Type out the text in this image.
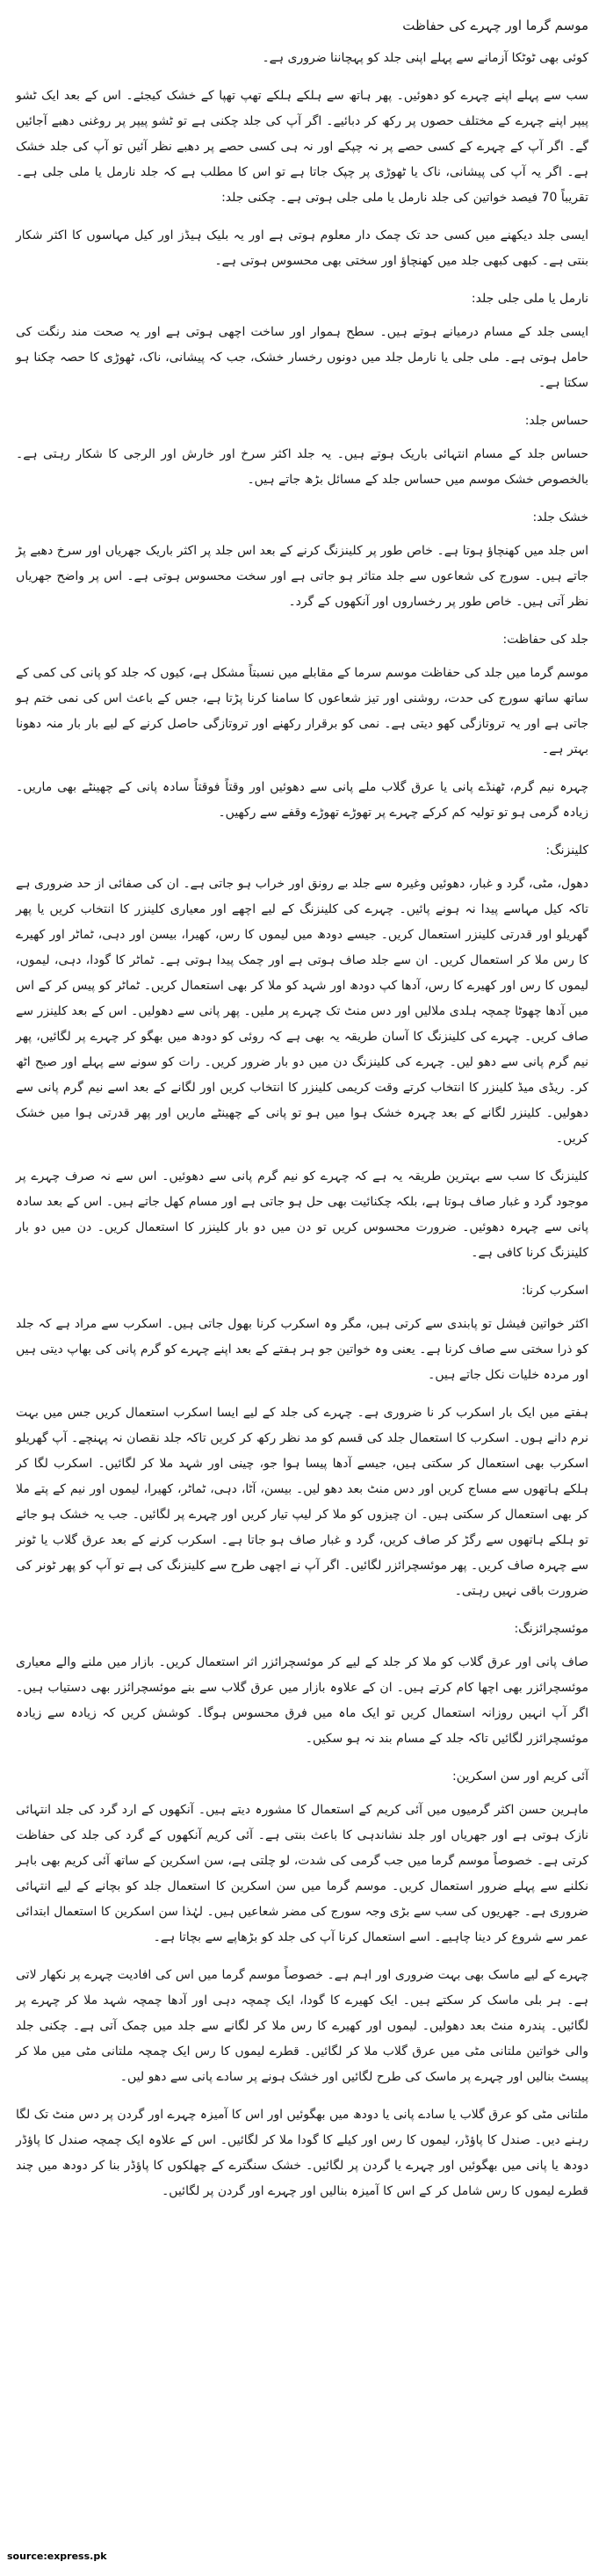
موسم گرما اور چہرے کی حفاظت
کوئی بھی ٹوٹکا آزمانے سے پہلے اپنی جلد کو پہچاننا ضروری ہے۔
سب سے پہلے اپنے چہرے کو دھوئیں۔ پھر ہاتھ سے ہلکے ہلکے تھپ تھپا کے خشک کیجئے۔ اس کے بعد ایک ٹشو پیپر اپنے چہرے کے مختلف حصوں پر رکھ کر دبائیے۔ اگر آپ کی جلد چکنی ہے تو ٹشو پیپر پر روغنی دھبے آجائیں گے۔ اگر آپ کے چہرے کے کسی حصے پر نہ چپکے اور نہ ہی کسی حصے پر دھبے نظر آئیں تو آپ کی جلد خشک ہے۔ اگر یہ آپ کی پیشانی، ناک یا ٹھوڑی پر چپک جاتا ہے تو اس کا مطلب ہے کہ جلد نارمل یا ملی جلی ہے۔ تقریباً 70 فیصد خواتین کی جلد نارمل یا ملی جلی ہوتی ہے۔ چکنی جلد:
ایسی جلد دیکھنے میں کسی حد تک چمک دار معلوم ہوتی ہے اور یہ بلیک ہیڈز اور کیل مہاسوں کا اکثر شکار بنتی ہے۔ کبھی کبھی جلد میں کھنچاؤ اور سختی بھی محسوس ہوتی ہے۔
نارمل یا ملی جلی جلد:
ایسی جلد کے مسام درمیانے ہوتے ہیں۔ سطح ہموار اور ساخت اچھی ہوتی ہے اور یہ صحت مند رنگت کی حامل ہوتی ہے۔ ملی جلی یا نارمل جلد میں دونوں رخسار خشک، جب کہ پیشانی، ناک، ٹھوڑی کا حصہ چکنا ہو سکتا ہے۔
حساس جلد:
حساس جلد کے مسام انتہائی باریک ہوتے ہیں۔ یہ جلد اکثر سرخ اور خارش اور الرجی کا شکار رہتی ہے۔ بالخصوص خشک موسم میں حساس جلد کے مسائل بڑھ جاتے ہیں۔
خشک جلد:
اس جلد میں کھنچاؤ ہوتا ہے۔ خاص طور پر کلینزنگ کرنے کے بعد اس جلد پر اکثر باریک جھریاں اور سرخ دھبے پڑ جاتے ہیں۔ سورج کی شعاعوں سے جلد متاثر ہو جاتی ہے اور سخت محسوس ہوتی ہے۔ اس پر واضح جھریاں نظر آتی ہیں۔ خاص طور پر رخساروں اور آنکھوں کے گرد۔
جلد کی حفاظت:
موسم گرما میں جلد کی حفاظت موسم سرما کے مقابلے میں نسبتاً مشکل ہے، کیوں کہ جلد کو پانی کی کمی کے ساتھ ساتھ سورج کی حدت، روشنی اور تیز شعاعوں کا سامنا کرنا پڑتا ہے، جس کے باعث اس کی نمی ختم ہو جاتی ہے اور یہ تروتازگی کھو دیتی ہے۔ نمی کو برقرار رکھنے اور تروتازگی حاصل کرنے کے لیے بار بار منہ دھونا بہتر ہے۔
چہرہ نیم گرم، ٹھنڈے پانی یا عرق گلاب ملے پانی سے دھوئیں اور وقتاً فوقتاً سادہ پانی کے چھینٹے بھی ماریں۔ زیادہ گرمی ہو تو تولیہ کم کرکے چہرے پر تھوڑے تھوڑے وقفے سے رکھیں۔
کلینزنگ:
دھول، مٹی، گرد و غبار، دھوئیں وغیرہ سے جلد بے رونق اور خراب ہو جاتی ہے۔ ان کی صفائی از حد ضروری ہے تاکہ کیل مہاسے پیدا نہ ہونے پائیں۔ چہرے کی کلینزنگ کے لیے اچھے اور معیاری کلینزر کا انتخاب کریں یا پھر گھریلو اور قدرتی کلینزر استعمال کریں۔ جیسے دودھ میں لیموں کا رس، کھیرا، بیسن اور دہی، ٹماٹر اور کھیرے کا رس ملا کر استعمال کریں۔ ان سے جلد صاف ہوتی ہے اور چمک پیدا ہوتی ہے۔ ٹماٹر کا گودا، دہی، لیموں، لیموں کا رس اور کھیرے کا رس، آدھا کپ دودھ اور شہد کو ملا کر بھی استعمال کریں۔ ٹماٹر کو پیس کر کے اس میں آدھا چھوٹا چمچہ ہلدی ملالیں اور دس منٹ تک چہرے پر ملیں۔ پھر پانی سے دھولیں۔ اس کے بعد کلینزر سے صاف کریں۔ چہرے کی کلینزنگ کا آسان طریقہ یہ بھی ہے کہ روئی کو دودھ میں بھگو کر چہرے پر لگائیں، پھر نیم گرم پانی سے دھو لیں۔ چہرے کی کلینزنگ دن میں دو بار ضرور کریں۔ رات کو سونے سے پہلے اور صبح اٹھ کر۔ ریڈی میڈ کلینزر کا انتخاب کرتے وقت کریمی کلینزر کا انتخاب کریں اور لگانے کے بعد اسے نیم گرم پانی سے دھولیں۔ کلینزر لگانے کے بعد چہرہ خشک ہوا میں ہو تو پانی کے چھینٹے ماریں اور پھر قدرتی ہوا میں خشک کریں۔
کلینزنگ کا سب سے بہترین طریقہ یہ ہے کہ چہرے کو نیم گرم پانی سے دھوئیں۔ اس سے نہ صرف چہرے پر موجود گرد و غبار صاف ہوتا ہے، بلکہ چکنائیت بھی حل ہو جاتی ہے اور مسام کھل جاتے ہیں۔ اس کے بعد سادہ پانی سے چہرہ دھوئیں۔ ضرورت محسوس کریں تو دن میں دو بار کلینزر کا استعمال کریں۔ دن میں دو بار کلینزنگ کرنا کافی ہے۔
اسکرب کرنا:
اکثر خواتین فیشل تو پابندی سے کرتی ہیں، مگر وہ اسکرب کرنا بھول جاتی ہیں۔ اسکرب سے مراد ہے کہ جلد کو ذرا سختی سے صاف کرنا ہے۔ یعنی وہ خواتین جو ہر ہفتے کے بعد اپنے چہرے کو گرم پانی کی بھاپ دیتی ہیں اور مردہ خلیات نکل جاتے ہیں۔
ہفتے میں ایک بار اسکرب کر نا ضروری ہے۔ چہرے کی جلد کے لیے ایسا اسکرب استعمال کریں جس میں بہت نرم دانے ہوں۔ اسکرب کا استعمال جلد کی قسم کو مد نظر رکھ کر کریں تاکہ جلد نقصان نہ پہنچے۔ آپ گھریلو اسکرب بھی استعمال کر سکتی ہیں، جیسے آدھا پیسا ہوا جو، چینی اور شہد ملا کر لگائیں۔ اسکرب لگا کر ہلکے ہاتھوں سے مساج کریں اور دس منٹ بعد دھو لیں۔ بیسن، آٹا، دہی، ٹماٹر، کھیرا، لیموں اور نیم کے پتے ملا کر بھی استعمال کر سکتی ہیں۔ ان چیزوں کو ملا کر لیپ تیار کریں اور چہرے پر لگائیں۔ جب یہ خشک ہو جائے تو ہلکے ہاتھوں سے رگڑ کر صاف کریں، گرد و غبار صاف ہو جاتا ہے۔ اسکرب کرنے کے بعد عرق گلاب یا ٹونر سے چہرہ صاف کریں۔ پھر موئسچرائزر لگائیں۔ اگر آپ نے اچھی طرح سے کلینزنگ کی ہے تو آپ کو پھر ٹونر کی ضرورت باقی نہیں رہتی۔
موئسچرائزنگ:
صاف پانی اور عرق گلاب کو ملا کر جلد کے لیے کر موئسچرائزر اثر استعمال کریں۔ بازار میں ملنے والے معیاری موئسچرائزر بھی اچھا کام کرتے ہیں۔ ان کے علاوہ بازار میں عرق گلاب سے بنے موئسچرائزر بھی دستیاب ہیں۔ اگر آپ انہیں روزانہ استعمال کریں تو ایک ماہ میں فرق محسوس ہوگا۔ کوشش کریں کہ زیادہ سے زیادہ موئسچرائزر لگائیں تاکہ جلد کے مسام بند نہ ہو سکیں۔
آئی کریم اور سن اسکرین:
ماہرین حسن اکثر گرمیوں میں آئی کریم کے استعمال کا مشورہ دیتے ہیں۔ آنکھوں کے ارد گرد کی جلد انتہائی نازک ہوتی ہے اور جھریاں اور جلد نشاندہی کا باعث بنتی ہے۔ آئی کریم آنکھوں کے گرد کی جلد کی حفاظت کرتی ہے۔ خصوصاً موسم گرما میں جب گرمی کی شدت، لو چلتی ہے، سن اسکرین کے ساتھ آئی کریم بھی باہر نکلنے سے پہلے ضرور استعمال کریں۔ موسم گرما میں سن اسکرین کا استعمال جلد کو بچانے کے لیے انتہائی ضروری ہے۔ جھریوں کی سب سے بڑی وجہ سورج کی مضر شعاعیں ہیں۔ لہٰذا سن اسکرین کا استعمال ابتدائی عمر سے شروع کر دینا چاہیے۔ اسے استعمال کرنا آپ کی جلد کو بڑھاپے سے بچاتا ہے۔
چہرے کے لیے ماسک بھی بہت ضروری اور اہم ہے۔ خصوصاً موسم گرما میں اس کی افادیت چہرے پر نکھار لاتی ہے۔ ہر بلی ماسک کر سکتے ہیں۔ ایک کھیرے کا گودا، ایک چمچہ دہی اور آدھا چمچہ شہد ملا کر چہرے پر لگائیں۔ پندرہ منٹ بعد دھولیں۔ لیموں اور کھیرے کا رس ملا کر لگانے سے جلد میں چمک آتی ہے۔ چکنی جلد والی خواتین ملتانی مٹی میں عرق گلاب ملا کر لگائیں۔ قطرے لیموں کا رس ایک چمچہ ملتانی مٹی میں ملا کر پیسٹ بنالیں اور چہرے پر ماسک کی طرح لگائیں اور خشک ہونے پر سادے پانی سے دھو لیں۔
ملتانی مٹی کو عرق گلاب یا سادے پانی یا دودھ میں بھگوئیں اور اس کا آمیزہ چہرے اور گردن پر دس منٹ تک لگا رہنے دیں۔ صندل کا پاؤڈر، لیموں کا رس اور کیلے کا گودا ملا کر لگائیں۔ اس کے علاوہ ایک چمچہ صندل کا پاؤڈر دودھ یا پانی میں بھگوئیں اور چہرے یا گردن پر لگائیں۔ خشک سنگترے کے چھلکوں کا پاؤڈر بنا کر دودھ میں چند قطرے لیموں کا رس شامل کر کے اس کا آمیزہ بنالیں اور چہرے اور گردن پر لگائیں۔
source:express.pk
